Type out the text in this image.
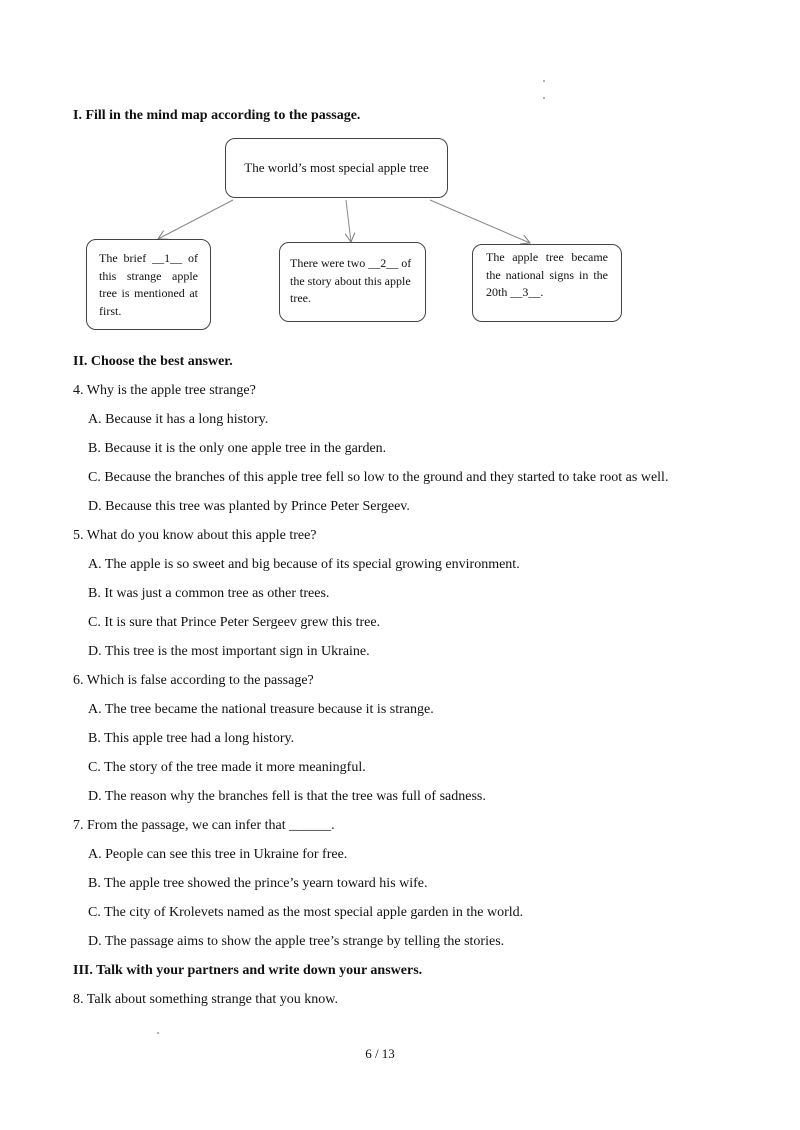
I. Fill in the mind map according to the passage.
The world’s most special apple tree
The brief __1__ of this strange apple tree is mentioned at first.
There were two __2__ of the story about this apple tree.
The apple tree became the national signs in the 20th __3__.
II. Choose the best answer.
4. Why is the apple tree strange?
A. Because it has a long history.
B. Because it is the only one apple tree in the garden.
C. Because the branches of this apple tree fell so low to the ground and they started to take root as well.
D. Because this tree was planted by Prince Peter Sergeev.
5. What do you know about this apple tree?
A. The apple is so sweet and big because of its special growing environment.
B. It was just a common tree as other trees.
C. It is sure that Prince Peter Sergeev grew this tree.
D. This tree is the most important sign in Ukraine.
6. Which is false according to the passage?
A. The tree became the national treasure because it is strange.
B. This apple tree had a long history.
C. The story of the tree made it more meaningful.
D. The reason why the branches fell is that the tree was full of sadness.
7. From the passage, we can infer that ______.
A. People can see this tree in Ukraine for free.
B. The apple tree showed the prince’s yearn toward his wife.
C. The city of Krolevets named as the most special apple garden in the world.
D. The passage aims to show the apple tree’s strange by telling the stories.
III. Talk with your partners and write down your answers.
8. Talk about something strange that you know.
6 / 13
